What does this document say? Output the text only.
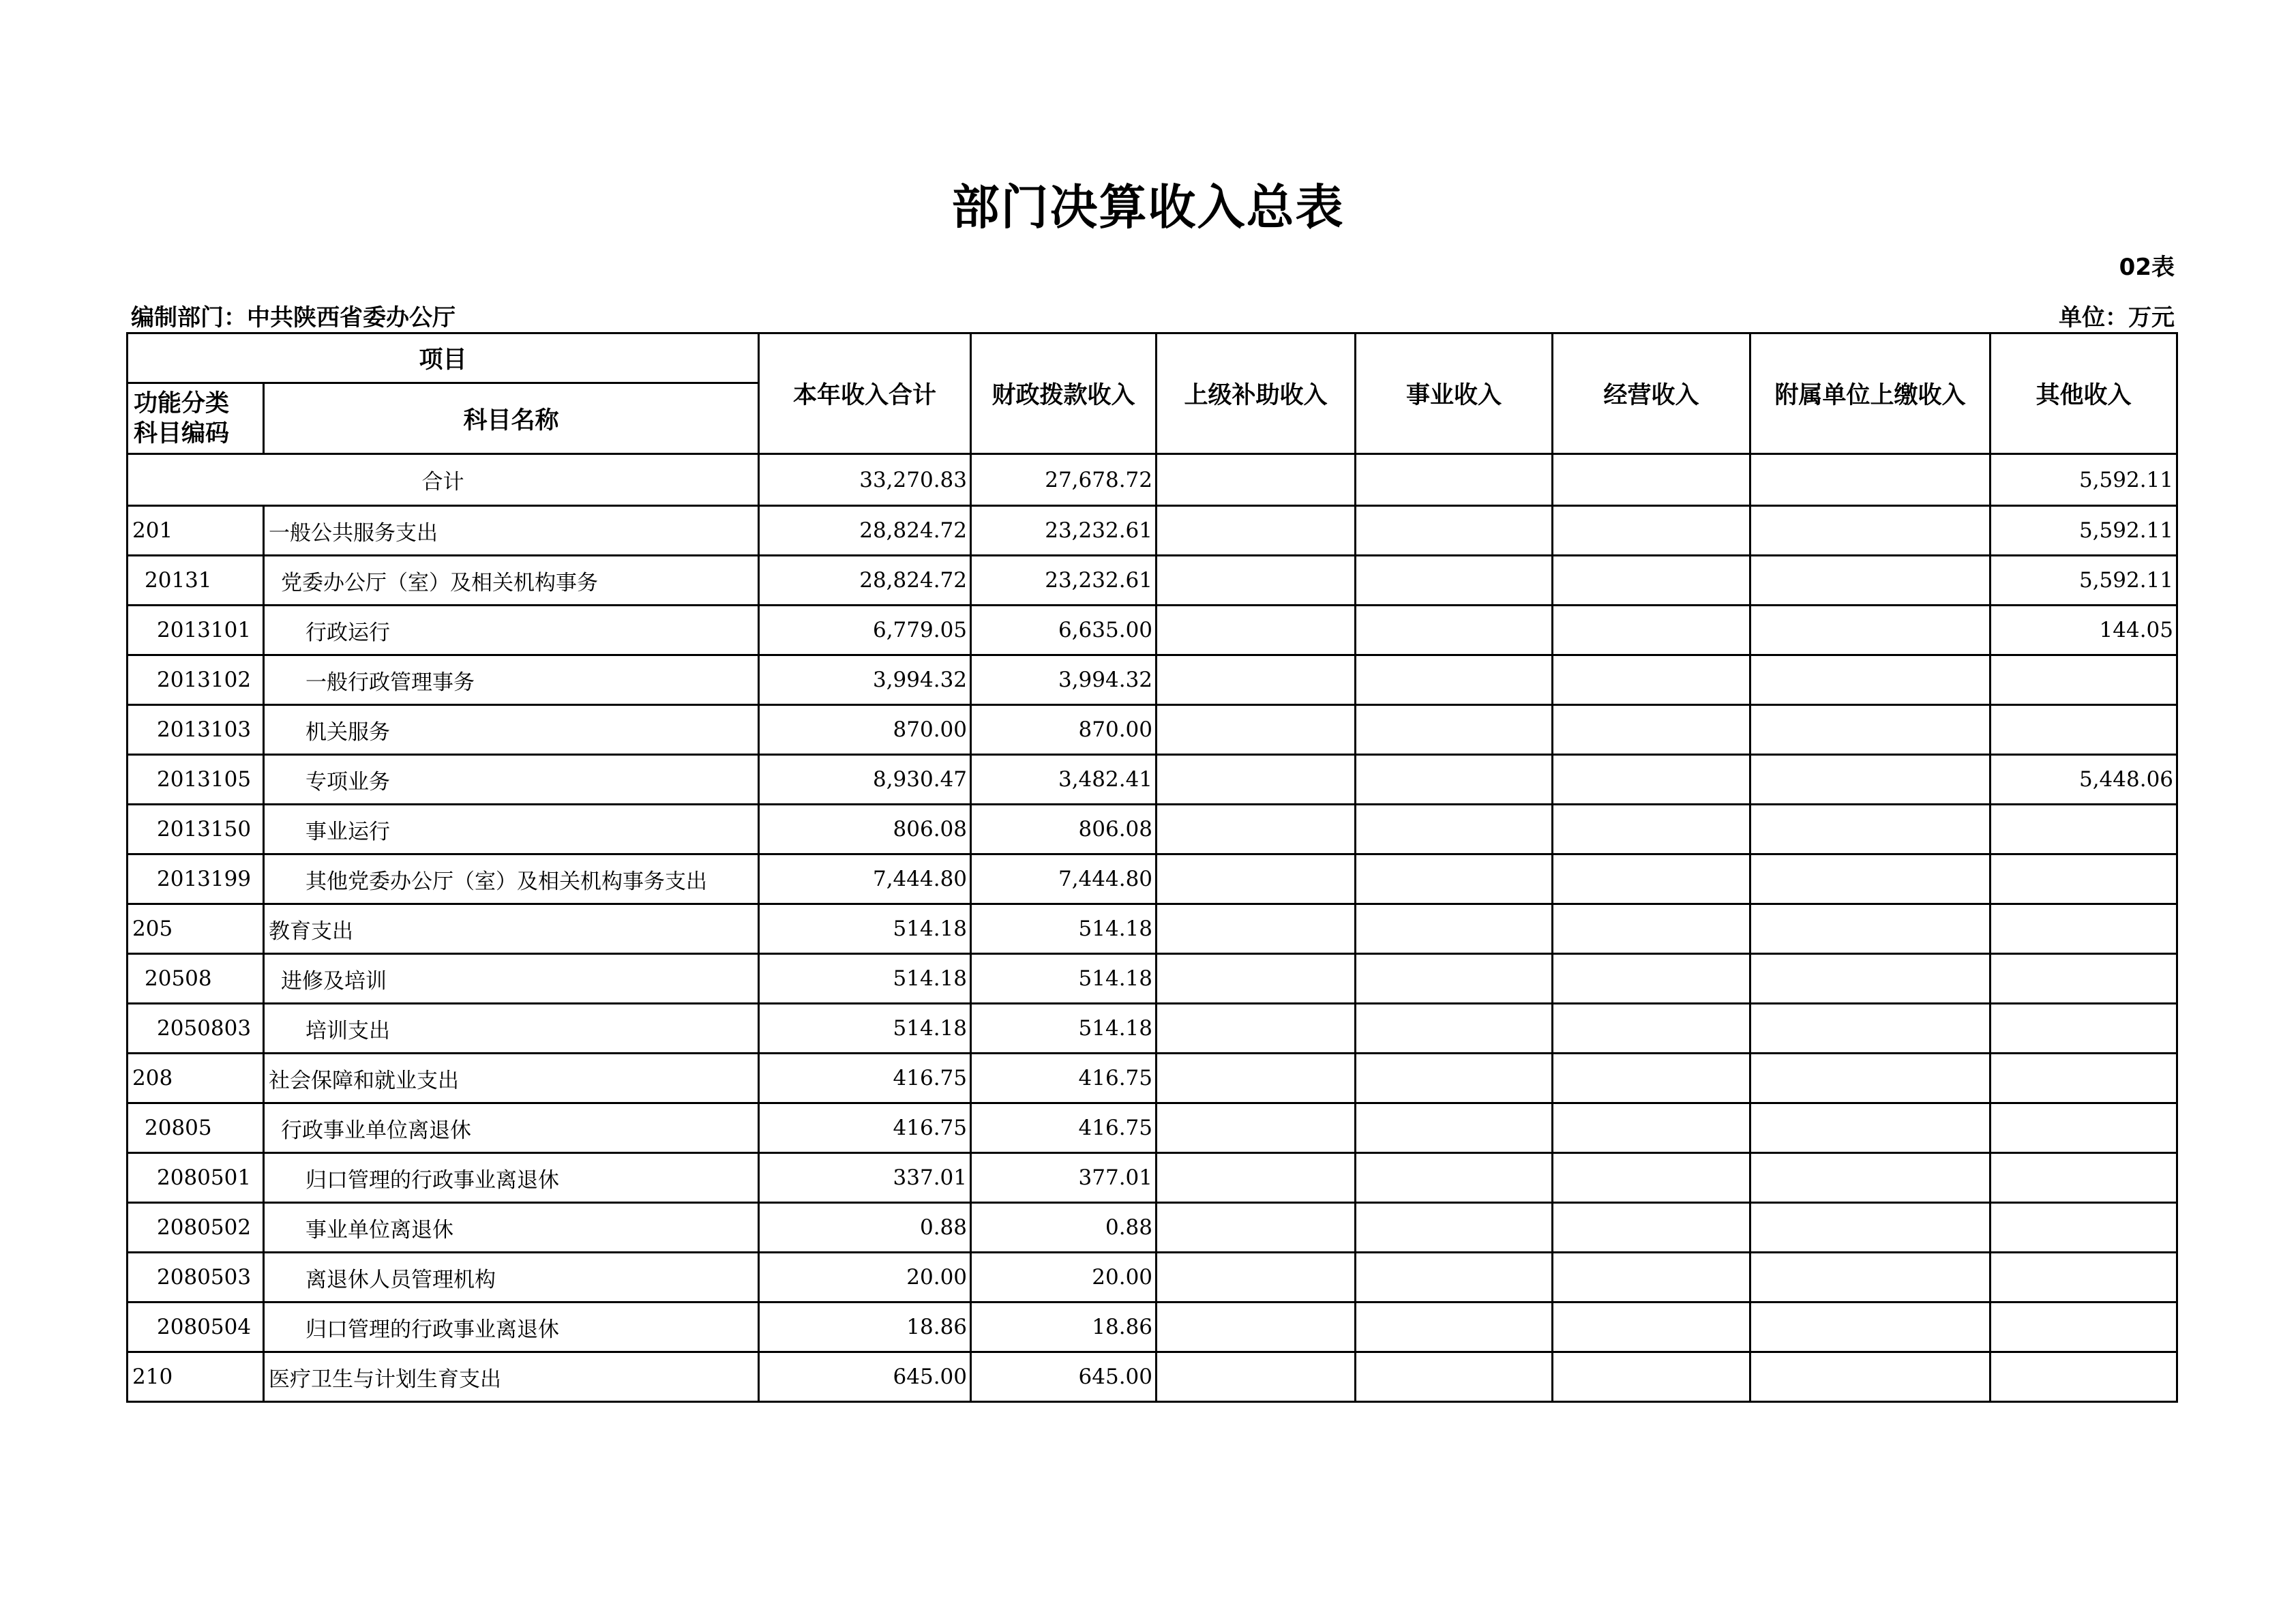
部门决算收入总表
02表
编制部门：中共陕西省委办公厅	单位：万元
项目		本年收入合计	财政拨款收入	上级补助收入	事业收入	经营收入	附属单位上缴收入	其他收入

功能分类
科目编码	科目名称							
合计		33,270.83	27,678.72					5,592.11
201	一般公共服务支出	28,824.72	23,232.61					5,592.11
20131	党委办公厅（室）及相关机构事务	28,824.72	23,232.61					5,592.11
2013101	行政运行	6,779.05	6,635.00					144.05
2013102	一般行政管理事务	3,994.32	3,994.32					
2013103	机关服务	870.00	870.00					
2013105	专项业务	8,930.47	3,482.41					5,448.06
2013150	事业运行	806.08	806.08					
2013199	其他党委办公厅（室）及相关机构事务支出	7,444.80	7,444.80					
205	教育支出	514.18	514.18					
20508	进修及培训	514.18	514.18					
2050803	培训支出	514.18	514.18					
208	社会保障和就业支出	416.75	416.75					
20805	行政事业单位离退休	416.75	416.75					
2080501	归口管理的行政事业离退休	337.01	377.01					
2080502	事业单位离退休	0.88	0.88					
2080503	离退休人员管理机构	20.00	20.00					
2080504	归口管理的行政事业离退休	18.86	18.86					
210	医疗卫生与计划生育支出	645.00	645.00					
